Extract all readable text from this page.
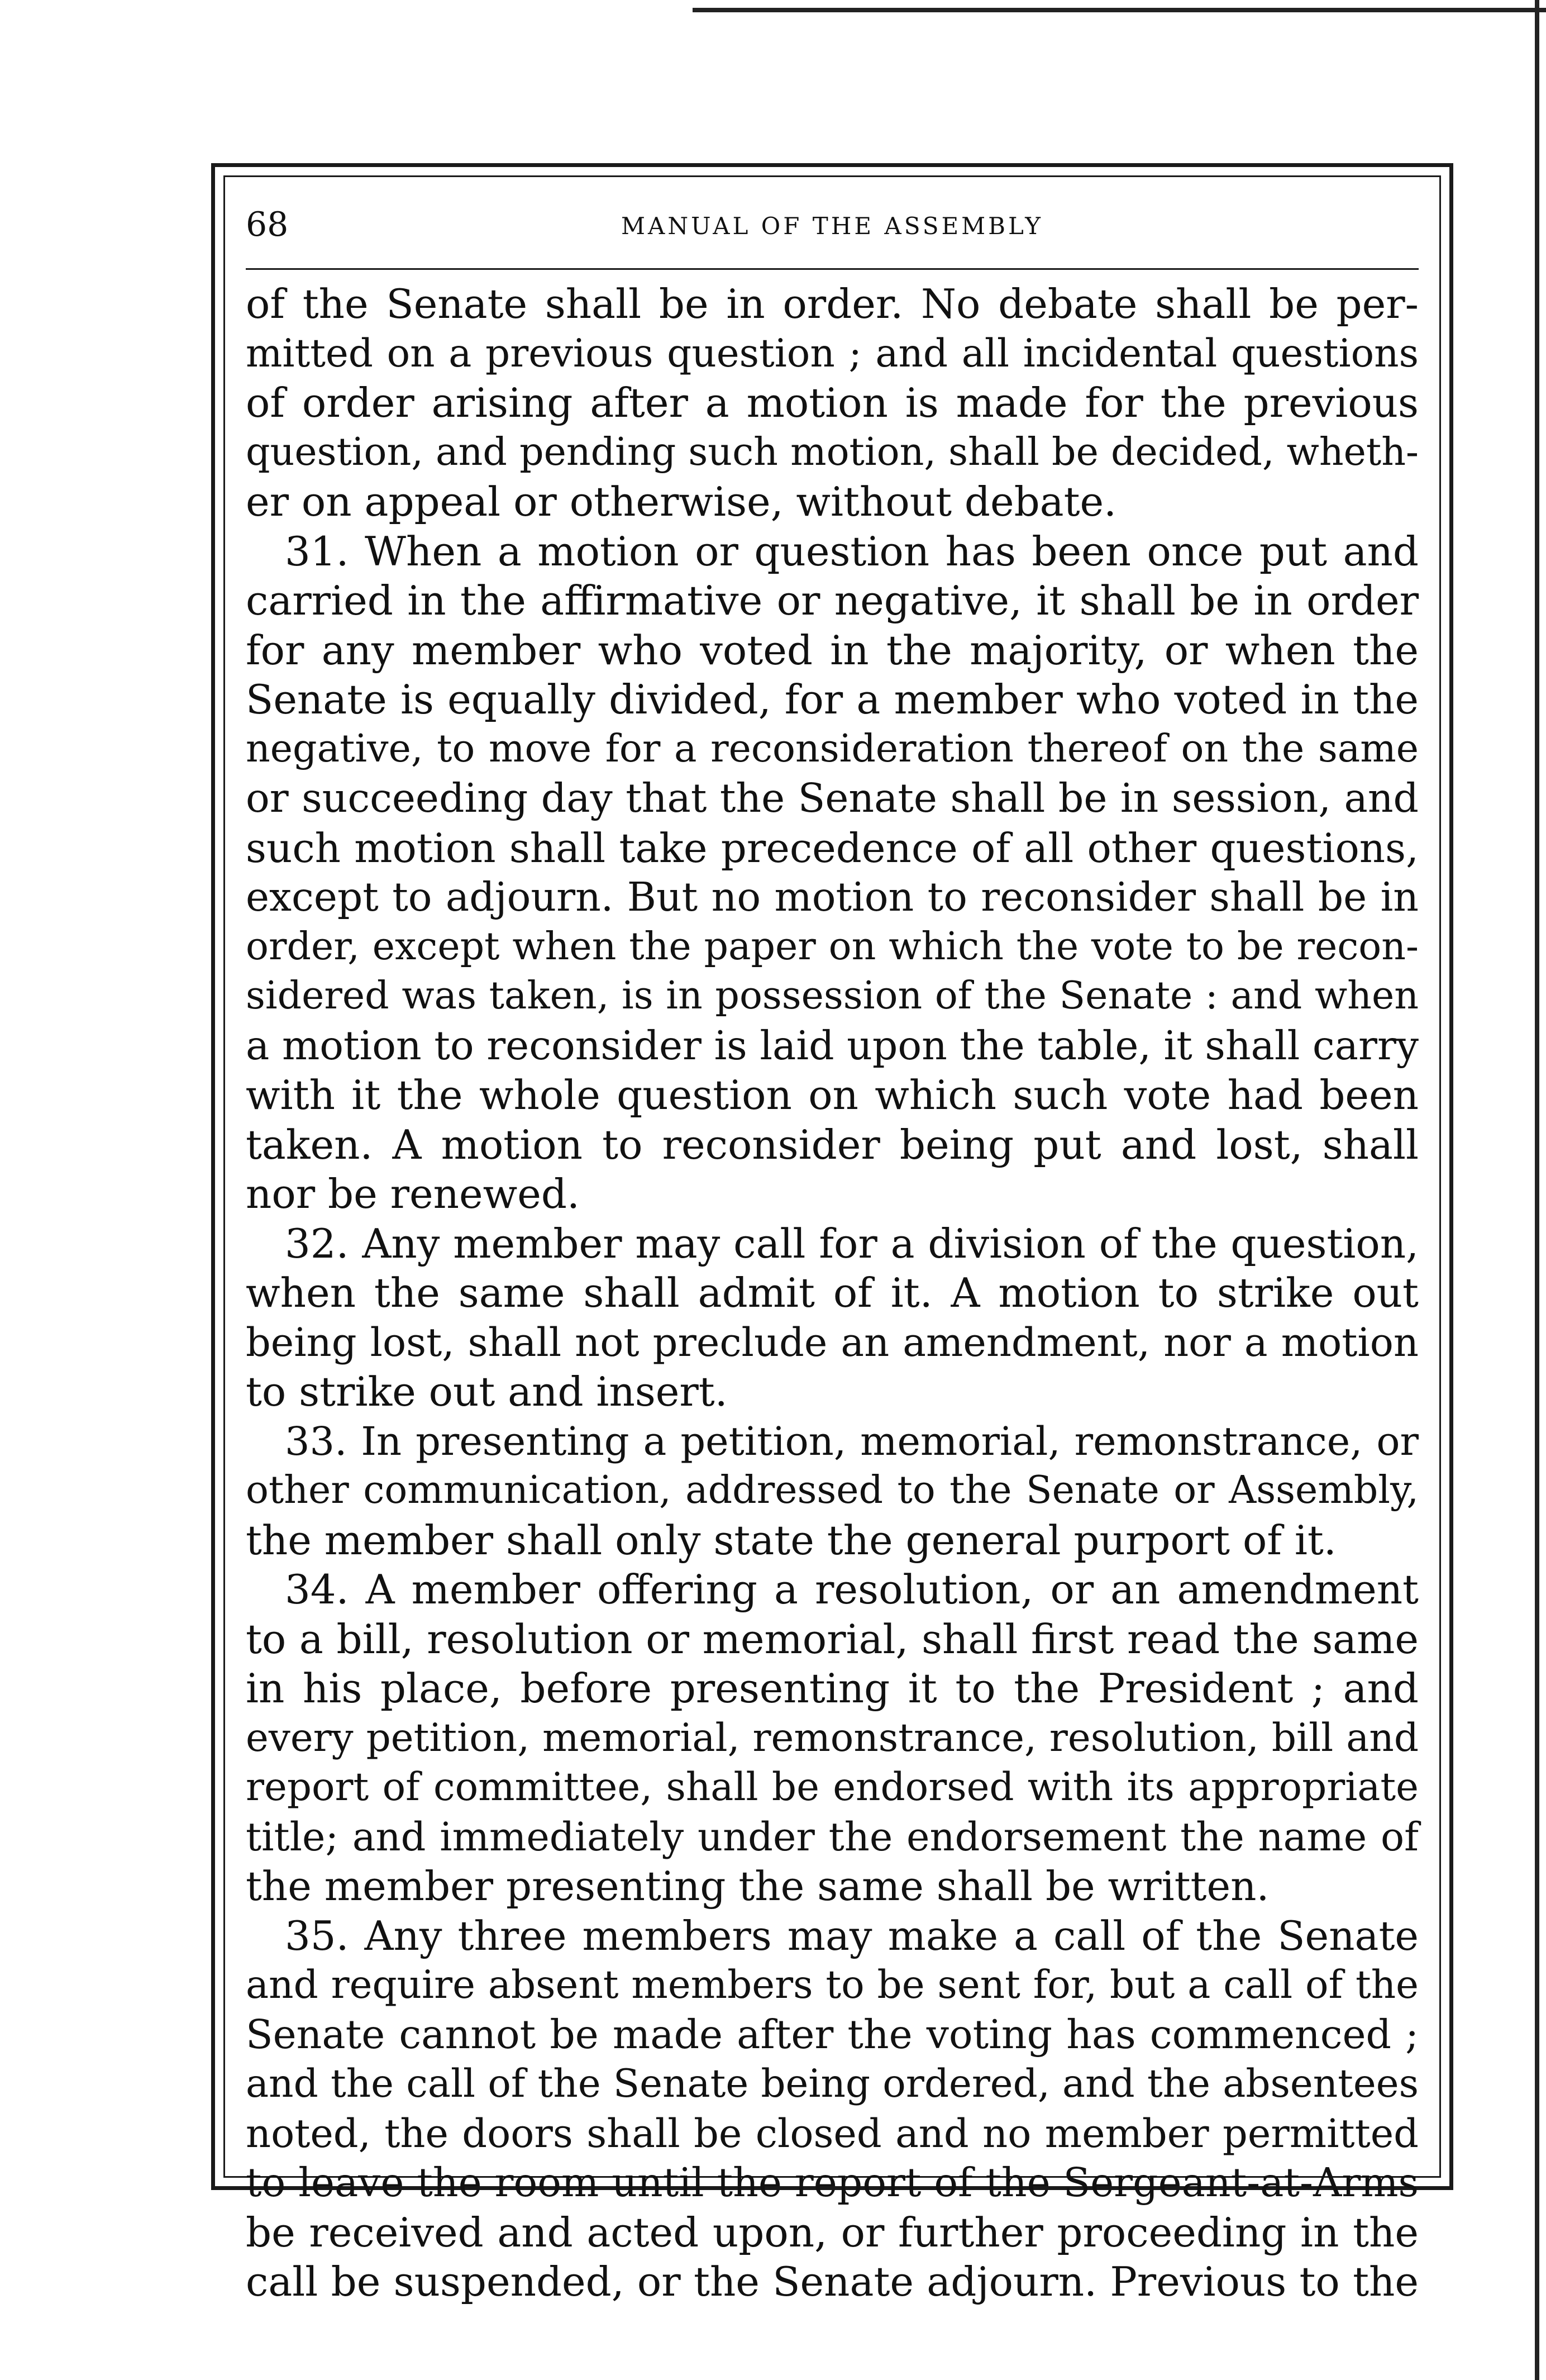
68	MANUAL OF THE ASSEMBLY
of the Senate shall be in order. No debate shall be per-
mitted on a previous question ; and all incidental questions
of order arising after a motion is made for the previous
question, and pending such motion, shall be decided, wheth-
er on appeal or otherwise, without debate.
31. When a motion or question has been once put and
carried in the affirmative or negative, it shall be in order
for any member who voted in the majority, or when the
Senate is equally divided, for a member who voted in the
negative, to move for a reconsideration thereof on the same
or succeeding day that the Senate shall be in session, and
such motion shall take precedence of all other questions,
except to adjourn. But no motion to reconsider shall be in
order, except when the paper on which the vote to be recon-
sidered was taken, is in possession of the Senate : and when
a motion to reconsider is laid upon the table, it shall carry
with it the whole question on which such vote had been
taken. A motion to reconsider being put and lost, shall
nor be renewed.
32. Any member may call for a division of the question,
when the same shall admit of it. A motion to strike out
being lost, shall not preclude an amendment, nor a motion
to strike out and insert.
33. In presenting a petition, memorial, remonstrance, or
other communication, addressed to the Senate or Assembly,
the member shall only state the general purport of it.
34. A member offering a resolution, or an amendment
to a bill, resolution or memorial, shall first read the same
in his place, before presenting it to the President ; and
every petition, memorial, remonstrance, resolution, bill and
report of committee, shall be endorsed with its appropriate
title; and immediately under the endorsement the name of
the member presenting the same shall be written.
35. Any three members may make a call of the Senate
and require absent members to be sent for, but a call of the
Senate cannot be made after the voting has commenced ;
and the call of the Senate being ordered, and the absentees
noted, the doors shall be closed and no member permitted
to leave the room until the report of the Sergeant-at-Arms
be received and acted upon, or further proceeding in the
call be suspended, or the Senate adjourn. Previous to the
